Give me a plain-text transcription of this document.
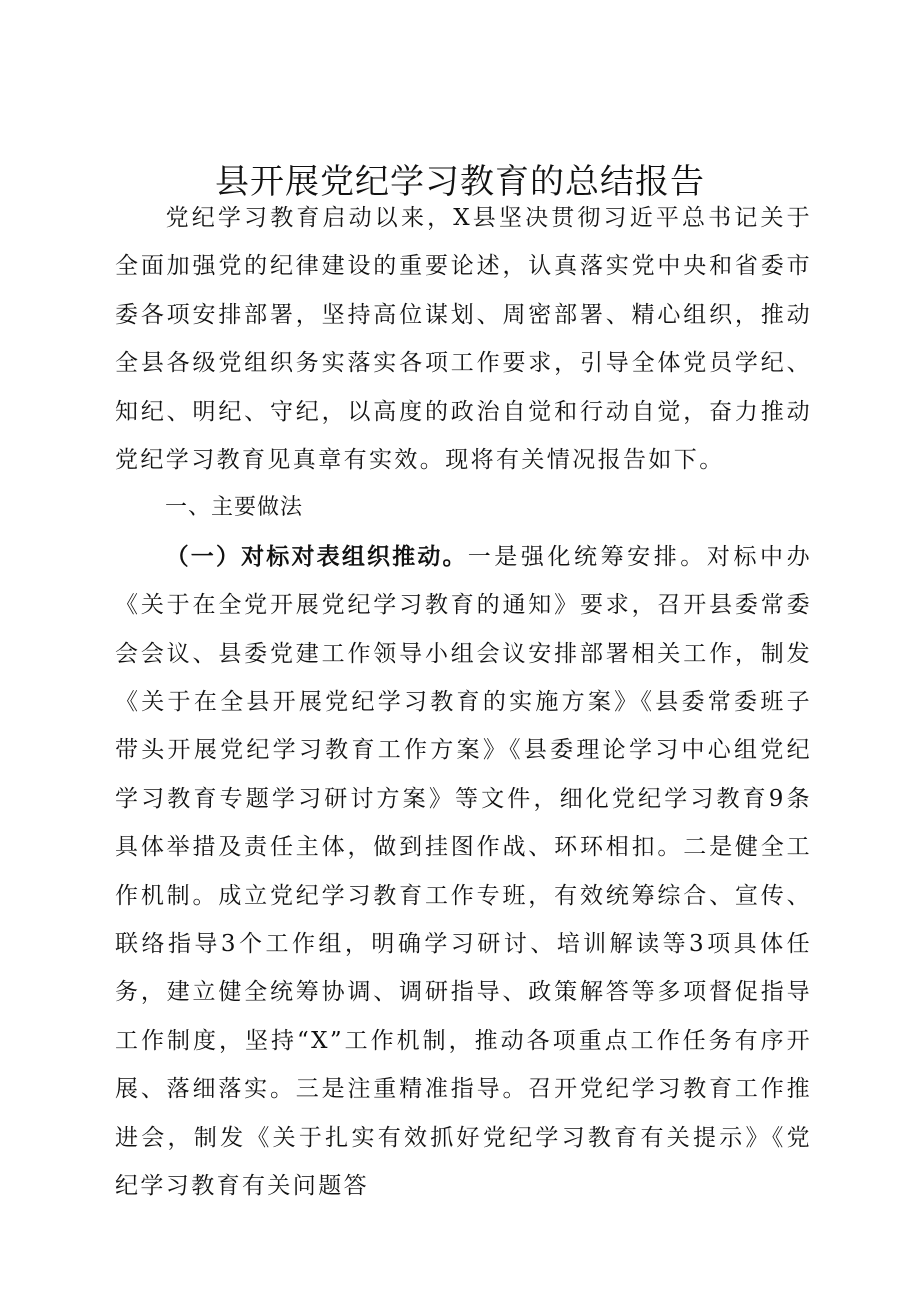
县开展党纪学习教育的总结报告

党纪学习教育启动以来，X县坚决贯彻习近平总书记关于全面加强党的纪律建设的重要论述，认真落实党中央和省委市委各项安排部署，坚持高位谋划、周密部署、精心组织，推动全县各级党组织务实落实各项工作要求，引导全体党员学纪、知纪、明纪、守纪，以高度的政治自觉和行动自觉，奋力推动党纪学习教育见真章有实效。现将有关情况报告如下。

一、主要做法

（一）对标对表组织推动。一是强化统筹安排。对标中办《关于在全党开展党纪学习教育的通知》要求，召开县委常委会会议、县委党建工作领导小组会议安排部署相关工作，制发《关于在全县开展党纪学习教育的实施方案》《县委常委班子带头开展党纪学习教育工作方案》《县委理论学习中心组党纪学习教育专题学习研讨方案》等文件，细化党纪学习教育9条具体举措及责任主体，做到挂图作战、环环相扣。二是健全工作机制。成立党纪学习教育工作专班，有效统筹综合、宣传、联络指导3个工作组，明确学习研讨、培训解读等3项具体任务，建立健全统筹协调、调研指导、政策解答等多项督促指导工作制度，坚持“X”工作机制，推动各项重点工作任务有序开展、落细落实。三是注重精准指导。召开党纪学习教育工作推进会，制发《关于扎实有效抓好党纪学习教育有关提示》《党纪学习教育有关问题答
